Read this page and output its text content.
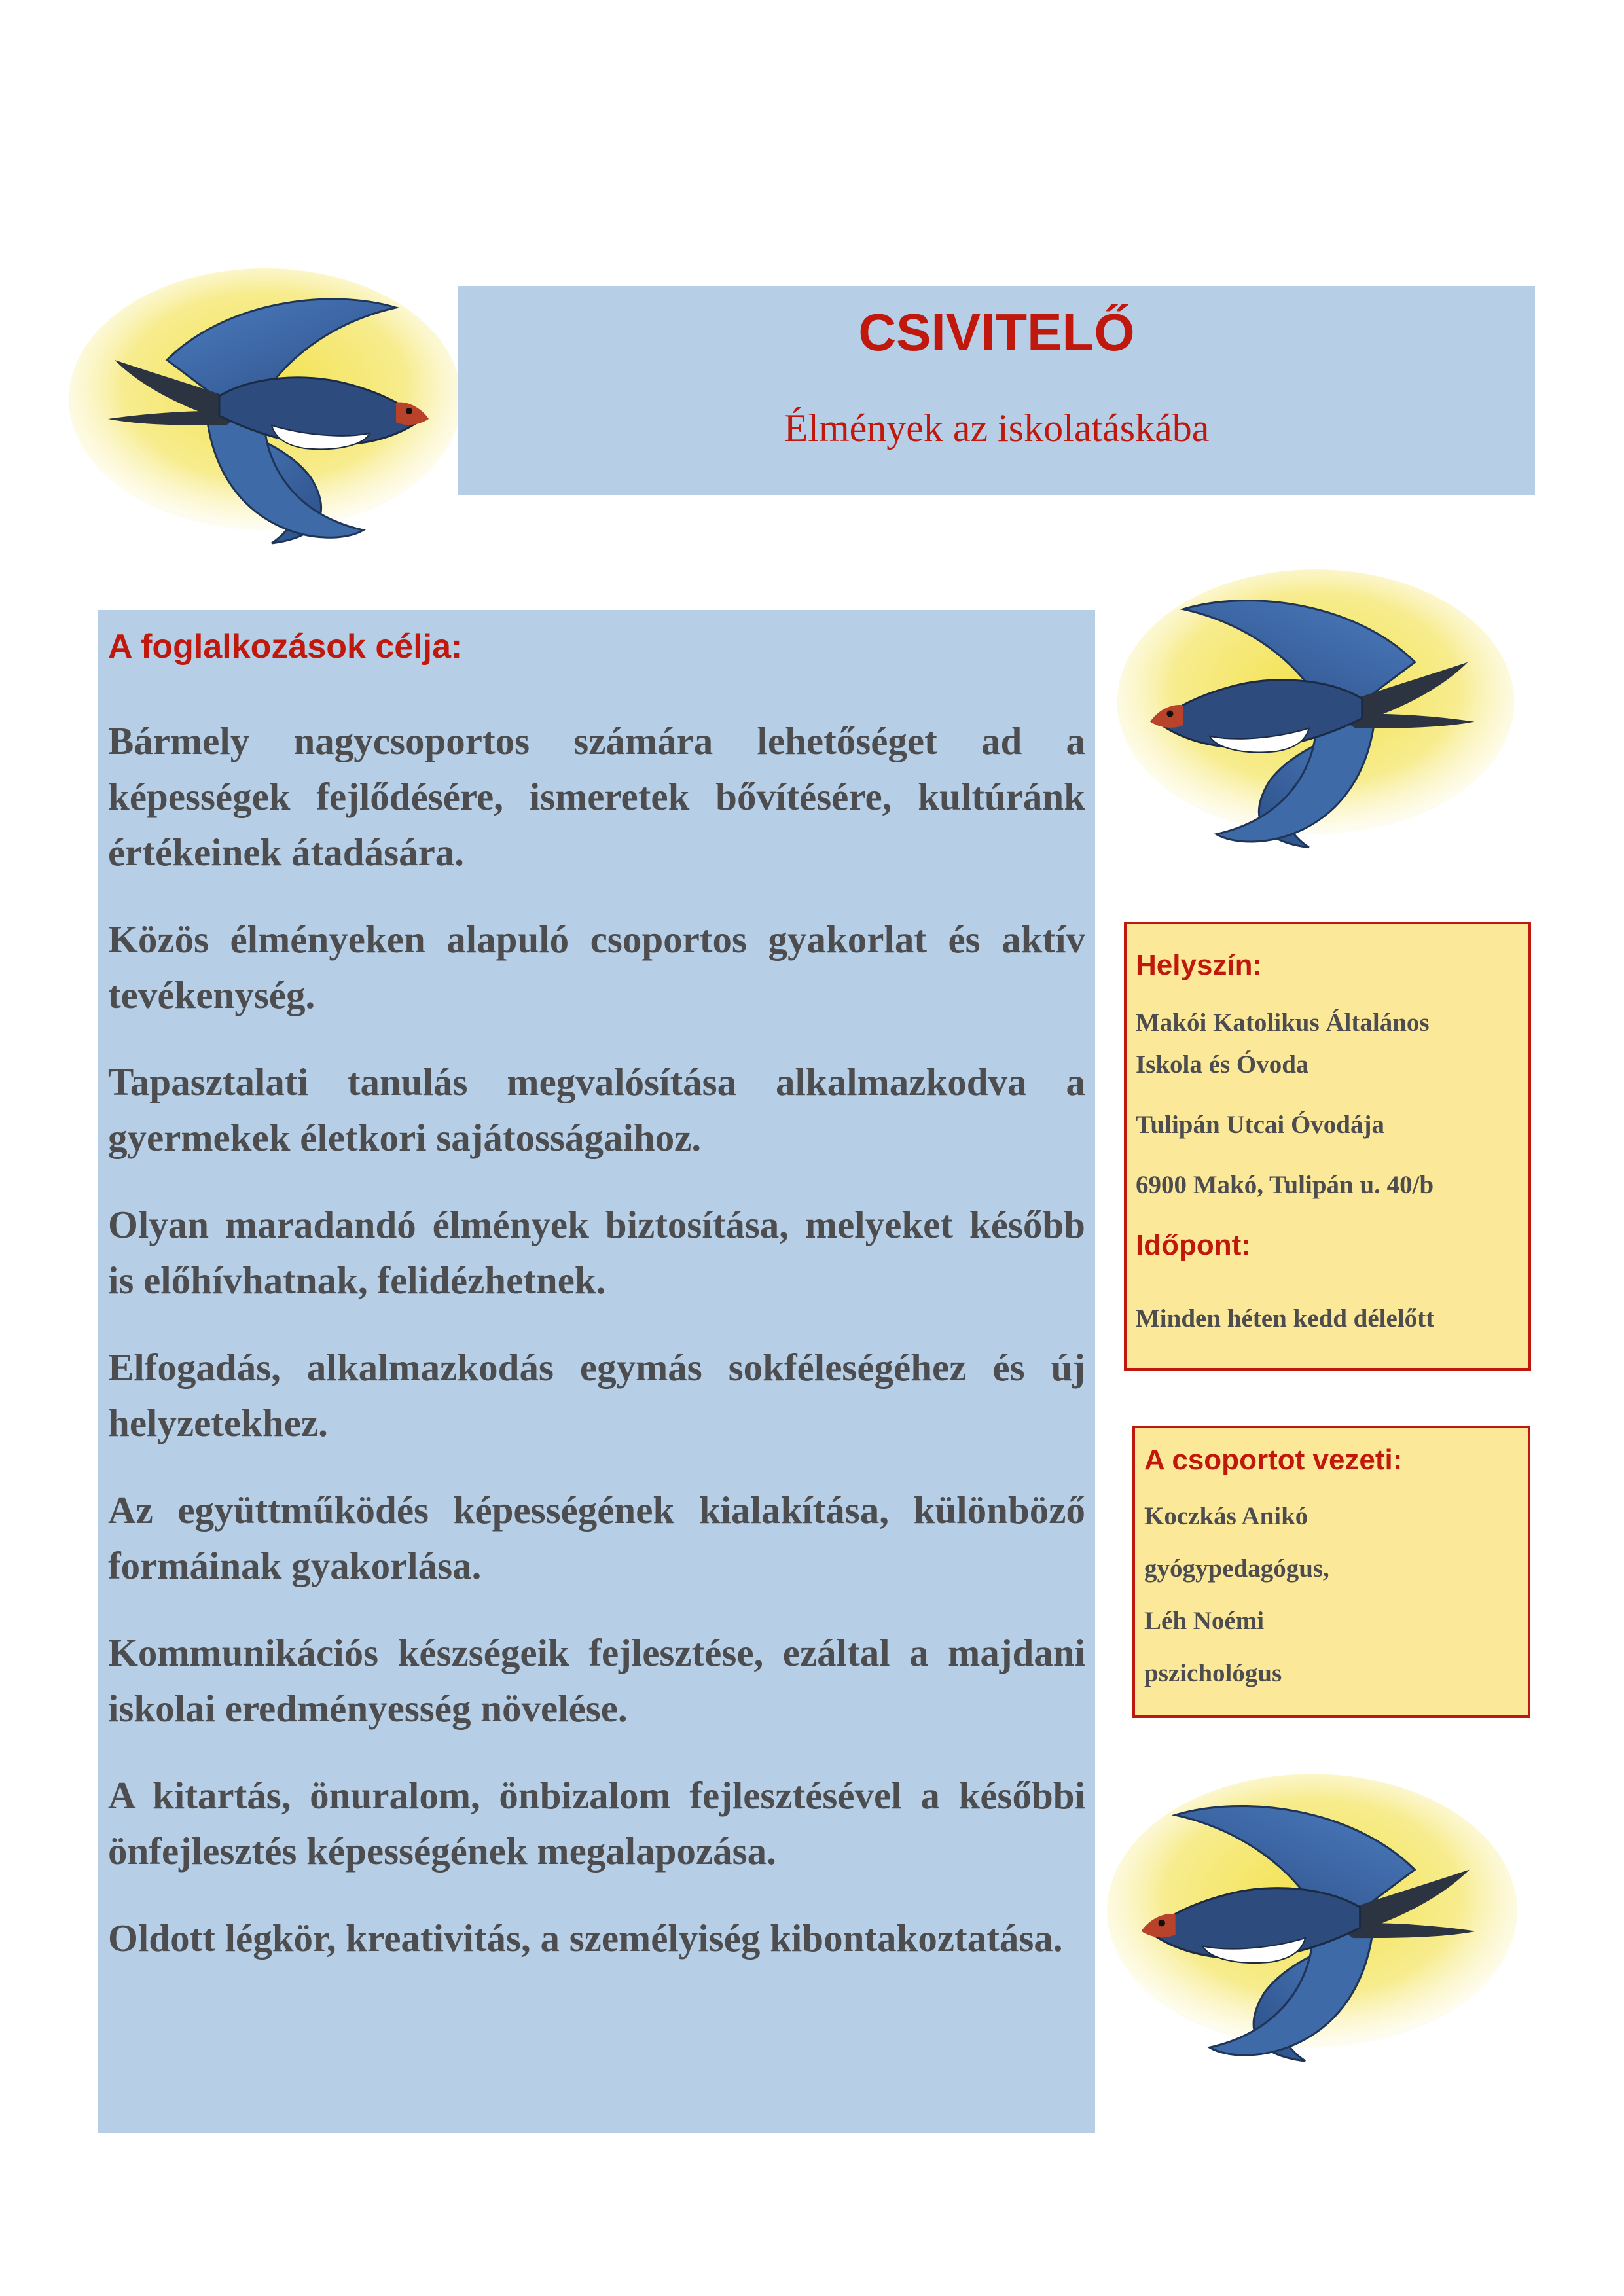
CSIVITELŐ
Élmények az iskolatáskába
A foglalkozások célja:

Bármely nagycsoportos számára lehetőséget ad a képességek fejlődésére, ismeretek bővítésére, kultúránk értékeinek átadására.

Közös élményeken alapuló csoportos gyakorlat és aktív tevékenység.

Tapasztalati tanulás megvalósítása alkalmazkodva a gyermekek életkori sajátosságaihoz.

Olyan maradandó élmények biztosítása, melyeket később is előhívhatnak, felidézhetnek.

Elfogadás, alkalmazkodás egymás sokféleségéhez és új helyzetekhez.

Az együttműködés képességének kialakítása, különböző formáinak gyakorlása.

Kommunikációs készségeik fejlesztése, ezáltal a majdani iskolai eredményesség növelése.

A kitartás, önuralom, önbizalom fejlesztésével a későbbi önfejlesztés képességének megalapozása.

Oldott légkör, kreativitás, a személyiség kibontakoztatása.

Helyszín:
Makói Katolikus Általános
Iskola és Óvoda
Tulipán Utcai Óvodája
6900 Makó, Tulipán u. 40/b
Időpont:
Minden héten kedd délelőtt
A csoportot vezeti:
Koczkás Anikó
gyógypedagógus,
Léh Noémi
pszichológus
